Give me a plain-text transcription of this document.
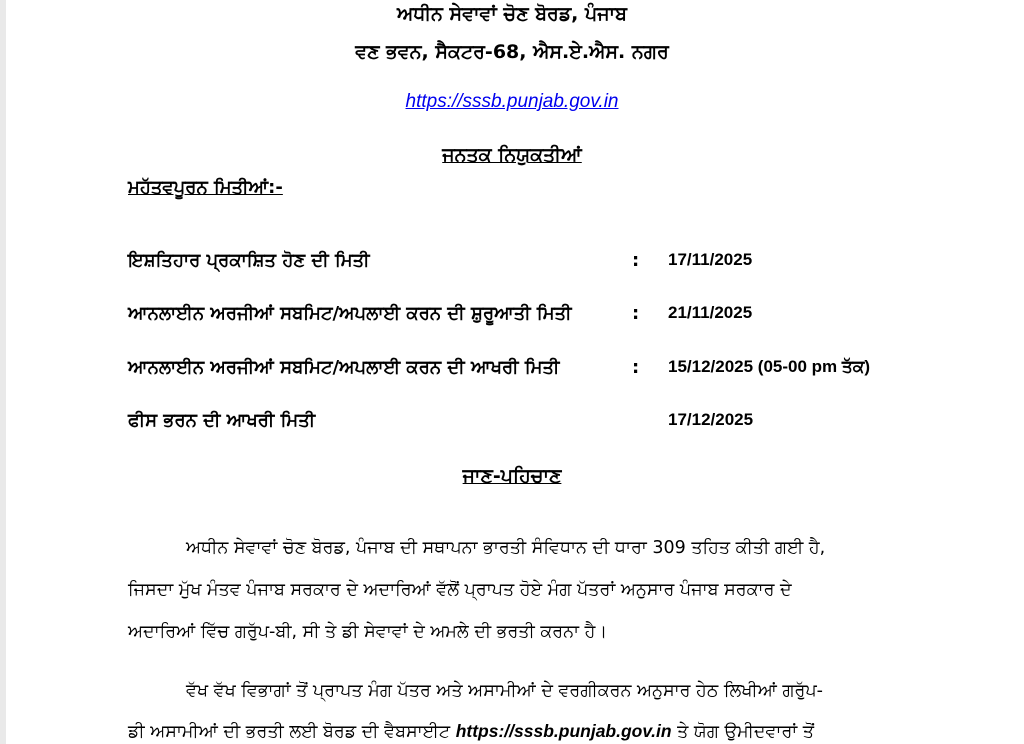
ਅਧੀਨ ਸੇਵਾਵਾਂ ਚੋਣ ਬੋਰਡ, ਪੰਜਾਬ
ਵਣ ਭਵਨ, ਸੈਕਟਰ-68, ਐਸ.ਏ.ਐਸ. ਨਗਰ
https://sssb.punjab.gov.in
ਜਨਤਕ ਨਿਯੁਕਤੀਆਂ
ਮਹੱਤਵਪੂਰਨ ਮਿਤੀਆਂ:-
ਇਸ਼ਤਿਹਾਰ ਪ੍ਰਕਾਸ਼ਿਤ ਹੋਣ ਦੀ ਮਿਤੀ	: 17/11/2025
ਆਨਲਾਈਨ ਅਰਜੀਆਂ ਸਬਮਿਟ/ਅਪਲਾਈ ਕਰਨ ਦੀ ਸ਼ੁਰੂਆਤੀ ਮਿਤੀ	: 21/11/2025
ਆਨਲਾਈਨ ਅਰਜੀਆਂ ਸਬਮਿਟ/ਅਪਲਾਈ ਕਰਨ ਦੀ ਆਖਰੀ ਮਿਤੀ	: 15/12/2025 (05-00 pm ਤੱਕ)
ਫੀਸ ਭਰਨ ਦੀ ਆਖਰੀ ਮਿਤੀ	17/12/2025
ਜਾਣ-ਪਹਿਚਾਣ
ਅਧੀਨ ਸੇਵਾਵਾਂ ਚੋਣ ਬੋਰਡ, ਪੰਜਾਬ ਦੀ ਸਥਾਪਨਾ ਭਾਰਤੀ ਸੰਵਿਧਾਨ ਦੀ ਧਾਰਾ 309 ਤਹਿਤ ਕੀਤੀ ਗਈ ਹੈ,
ਜਿਸਦਾ ਮੁੱਖ ਮੰਤਵ ਪੰਜਾਬ ਸਰਕਾਰ ਦੇ ਅਦਾਰਿਆਂ ਵੱਲੋਂ ਪ੍ਰਾਪਤ ਹੋਏ ਮੰਗ ਪੱਤਰਾਂ ਅਨੁਸਾਰ ਪੰਜਾਬ ਸਰਕਾਰ ਦੇ
ਅਦਾਰਿਆਂ ਵਿੱਚ ਗਰੁੱਪ-ਬੀ, ਸੀ ਤੇ ਡੀ ਸੇਵਾਵਾਂ ਦੇ ਅਮਲੇ ਦੀ ਭਰਤੀ ਕਰਨਾ ਹੈ।
ਵੱਖ ਵੱਖ ਵਿਭਾਗਾਂ ਤੋਂ ਪ੍ਰਾਪਤ ਮੰਗ ਪੱਤਰ ਅਤੇ ਅਸਾਮੀਆਂ ਦੇ ਵਰਗੀਕਰਨ ਅਨੁਸਾਰ ਹੇਠ ਲਿਖੀਆਂ ਗਰੁੱਪ-
ਡੀ ਅਸਾਮੀਆਂ ਦੀ ਭਰਤੀ ਲਈ ਬੋਰਡ ਦੀ ਵੈਬਸਾਈਟ https://sssb.punjab.gov.in ਤੇ ਯੋਗ ਉਮੀਦਵਾਰਾਂ ਤੋਂ
